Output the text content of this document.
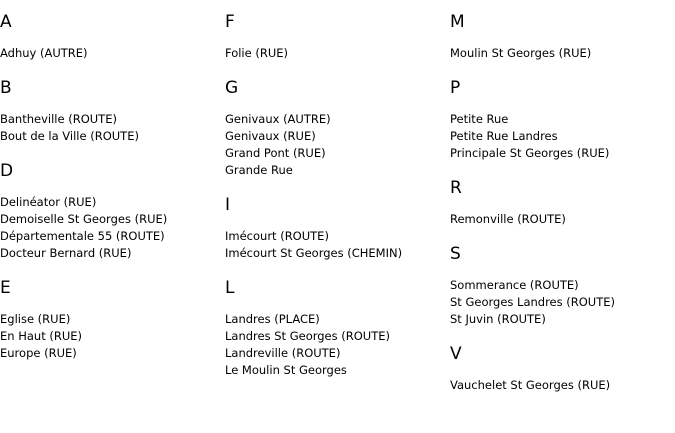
A
Adhuy (AUTRE)
B
Bantheville (ROUTE)
Bout de la Ville (ROUTE)
D
Delinéator (RUE)
Demoiselle St Georges (RUE)
Départementale 55 (ROUTE)
Docteur Bernard (RUE)
E
Eglise (RUE)
En Haut (RUE)
Europe (RUE)
F
Folie (RUE)
G
Genivaux (AUTRE)
Genivaux (RUE)
Grand Pont (RUE)
Grande Rue
I
Imécourt (ROUTE)
Imécourt St Georges (CHEMIN)
L
Landres (PLACE)
Landres St Georges (ROUTE)
Landreville (ROUTE)
Le Moulin St Georges
M
Moulin St Georges (RUE)
P
Petite Rue
Petite Rue Landres
Principale St Georges (RUE)
R
Remonville (ROUTE)
S
Sommerance (ROUTE)
St Georges Landres (ROUTE)
St Juvin (ROUTE)
V
Vauchelet St Georges (RUE)
